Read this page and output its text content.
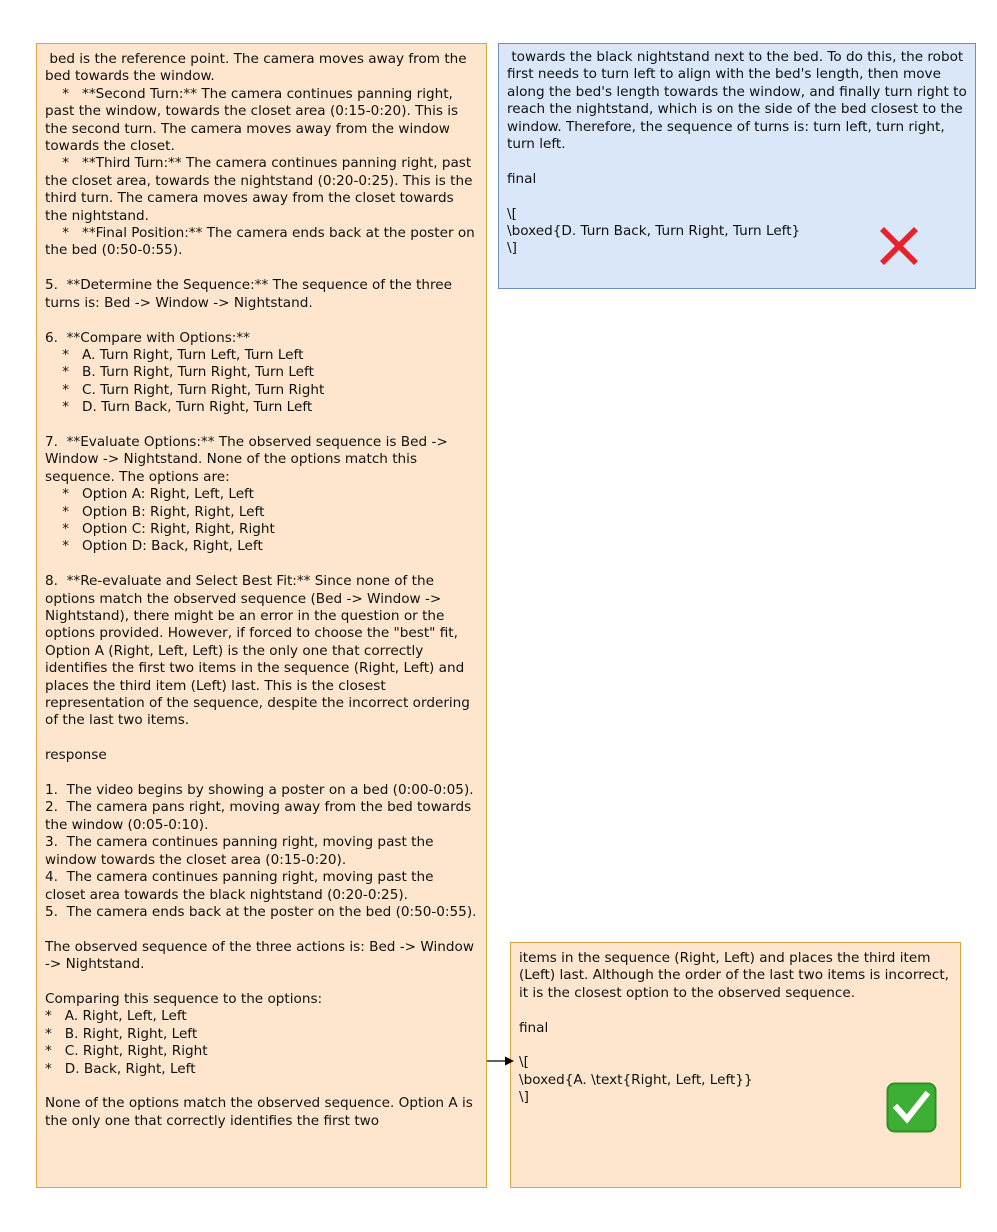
bed is the reference point. The camera moves away from the bed towards the window.
*   **Second Turn:** The camera continues panning right, past the window, towards the closet area (0:15-0:20). This is the second turn. The camera moves away from the window towards the closet.
*   **Third Turn:** The camera continues panning right, past the closet area, towards the nightstand (0:20-0:25). This is the third turn. The camera moves away from the closet towards the nightstand.
*   **Final Position:** The camera ends back at the poster on the bed (0:50-0:55).

5.  **Determine the Sequence:** The sequence of the three turns is: Bed -> Window -> Nightstand.

6.  **Compare with Options:**
*   A. Turn Right, Turn Left, Turn Left
*   B. Turn Right, Turn Right, Turn Left
*   C. Turn Right, Turn Right, Turn Right
*   D. Turn Back, Turn Right, Turn Left

7.  **Evaluate Options:** The observed sequence is Bed -> Window -> Nightstand. None of the options match this sequence. The options are:
*   Option A: Right, Left, Left
*   Option B: Right, Right, Left
*   Option C: Right, Right, Right
*   Option D: Back, Right, Left

8.  **Re-evaluate and Select Best Fit:** Since none of the options match the observed sequence (Bed -> Window -> Nightstand), there might be an error in the question or the options provided. However, if forced to choose the "best" fit, Option A (Right, Left, Left) is the only one that correctly identifies the first two items in the sequence (Right, Left) and places the third item (Left) last. This is the closest representation of the sequence, despite the incorrect ordering of the last two items.

response

1.  The video begins by showing a poster on a bed (0:00-0:05).
2.  The camera pans right, moving away from the bed towards the window (0:05-0:10).
3.  The camera continues panning right, moving past the window towards the closet area (0:15-0:20).
4.  The camera continues panning right, moving past the closet area towards the black nightstand (0:20-0:25).
5.  The camera ends back at the poster on the bed (0:50-0:55).

The observed sequence of the three actions is: Bed -> Window -> Nightstand.

Comparing this sequence to the options:
*   A. Right, Left, Left
*   B. Right, Right, Left
*   C. Right, Right, Right
*   D. Back, Right, Left

None of the options match the observed sequence. Option A is the only one that correctly identifies the first two
towards the black nightstand next to the bed. To do this, the robot first needs to turn left to align with the bed's length, then move along the bed's length towards the window, and finally turn right to reach the nightstand, which is on the side of the bed closest to the window. Therefore, the sequence of turns is: turn left, turn right, turn left.

final

\[
\boxed{D. Turn Back, Turn Right, Turn Left}
\]
items in the sequence (Right, Left) and places the third item (Left) last. Although the order of the last two items is incorrect, it is the closest option to the observed sequence.

final

\[
\boxed{A. \text{Right, Left, Left}}
\]
